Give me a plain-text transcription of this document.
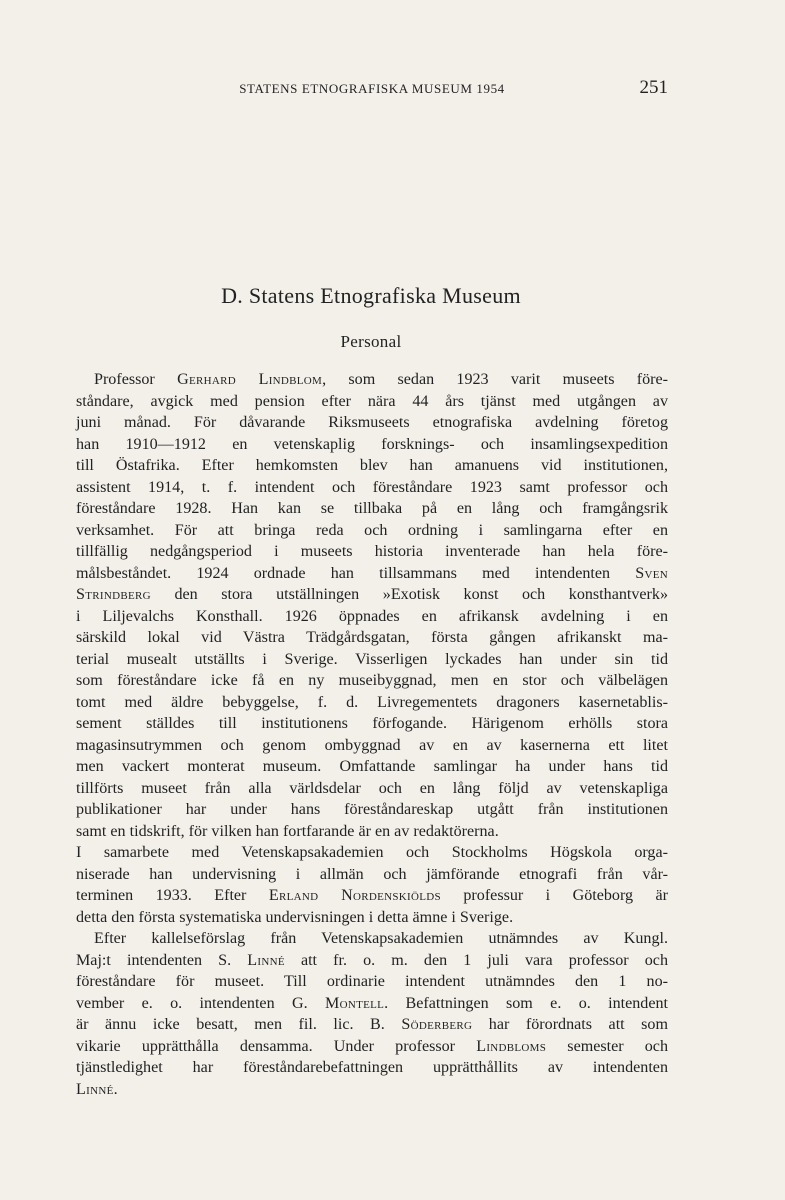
STATENS ETNOGRAFISKA MUSEUM 1954	251
D. Statens Etnografiska Museum
Personal
Professor Gerhard Lindblom, som sedan 1923 varit museets före-
ståndare, avgick med pension efter nära 44 års tjänst med utgången av
juni månad. För dåvarande Riksmuseets etnografiska avdelning företog
han 1910—1912 en vetenskaplig forsknings- och insamlingsexpedition
till Östafrika. Efter hemkomsten blev han amanuens vid institutionen,
assistent 1914, t. f. intendent och föreståndare 1923 samt professor och
föreståndare 1928. Han kan se tillbaka på en lång och framgångsrik
verksamhet. För att bringa reda och ordning i samlingarna efter en
tillfällig nedgångsperiod i museets historia inventerade han hela före-
målsbeståndet. 1924 ordnade han tillsammans med intendenten Sven
Strindberg den stora utställningen »Exotisk konst och konsthantverk»
i Liljevalchs Konsthall. 1926 öppnades en afrikansk avdelning i en
särskild lokal vid Västra Trädgårdsgatan, första gången afrikanskt ma-
terial musealt utställts i Sverige. Visserligen lyckades han under sin tid
som föreståndare icke få en ny museibyggnad, men en stor och välbelägen
tomt med äldre bebyggelse, f. d. Livregementets dragoners kasernetablis-
sement ställdes till institutionens förfogande. Härigenom erhölls stora
magasinsutrymmen och genom ombyggnad av en av kasernerna ett litet
men vackert monterat museum. Omfattande samlingar ha under hans tid
tillförts museet från alla världsdelar och en lång följd av vetenskapliga
publikationer har under hans föreståndareskap utgått från institutionen
samt en tidskrift, för vilken han fortfarande är en av redaktörerna.
I samarbete med Vetenskapsakademien och Stockholms Högskola orga-
niserade han undervisning i allmän och jämförande etnografi från vår-
terminen 1933. Efter Erland Nordenskiölds professur i Göteborg är
detta den första systematiska undervisningen i detta ämne i Sverige.
Efter kallelseförslag från Vetenskapsakademien utnämndes av Kungl.
Maj:t intendenten S. Linné att fr. o. m. den 1 juli vara professor och
föreståndare för museet. Till ordinarie intendent utnämndes den 1 no-
vember e. o. intendenten G. Montell. Befattningen som e. o. intendent
är ännu icke besatt, men fil. lic. B. Söderberg har förordnats att som
vikarie upprätthålla densamma. Under professor Lindbloms semester och
tjänstledighet har föreståndarebefattningen upprätthållits av intendenten
Linné.
